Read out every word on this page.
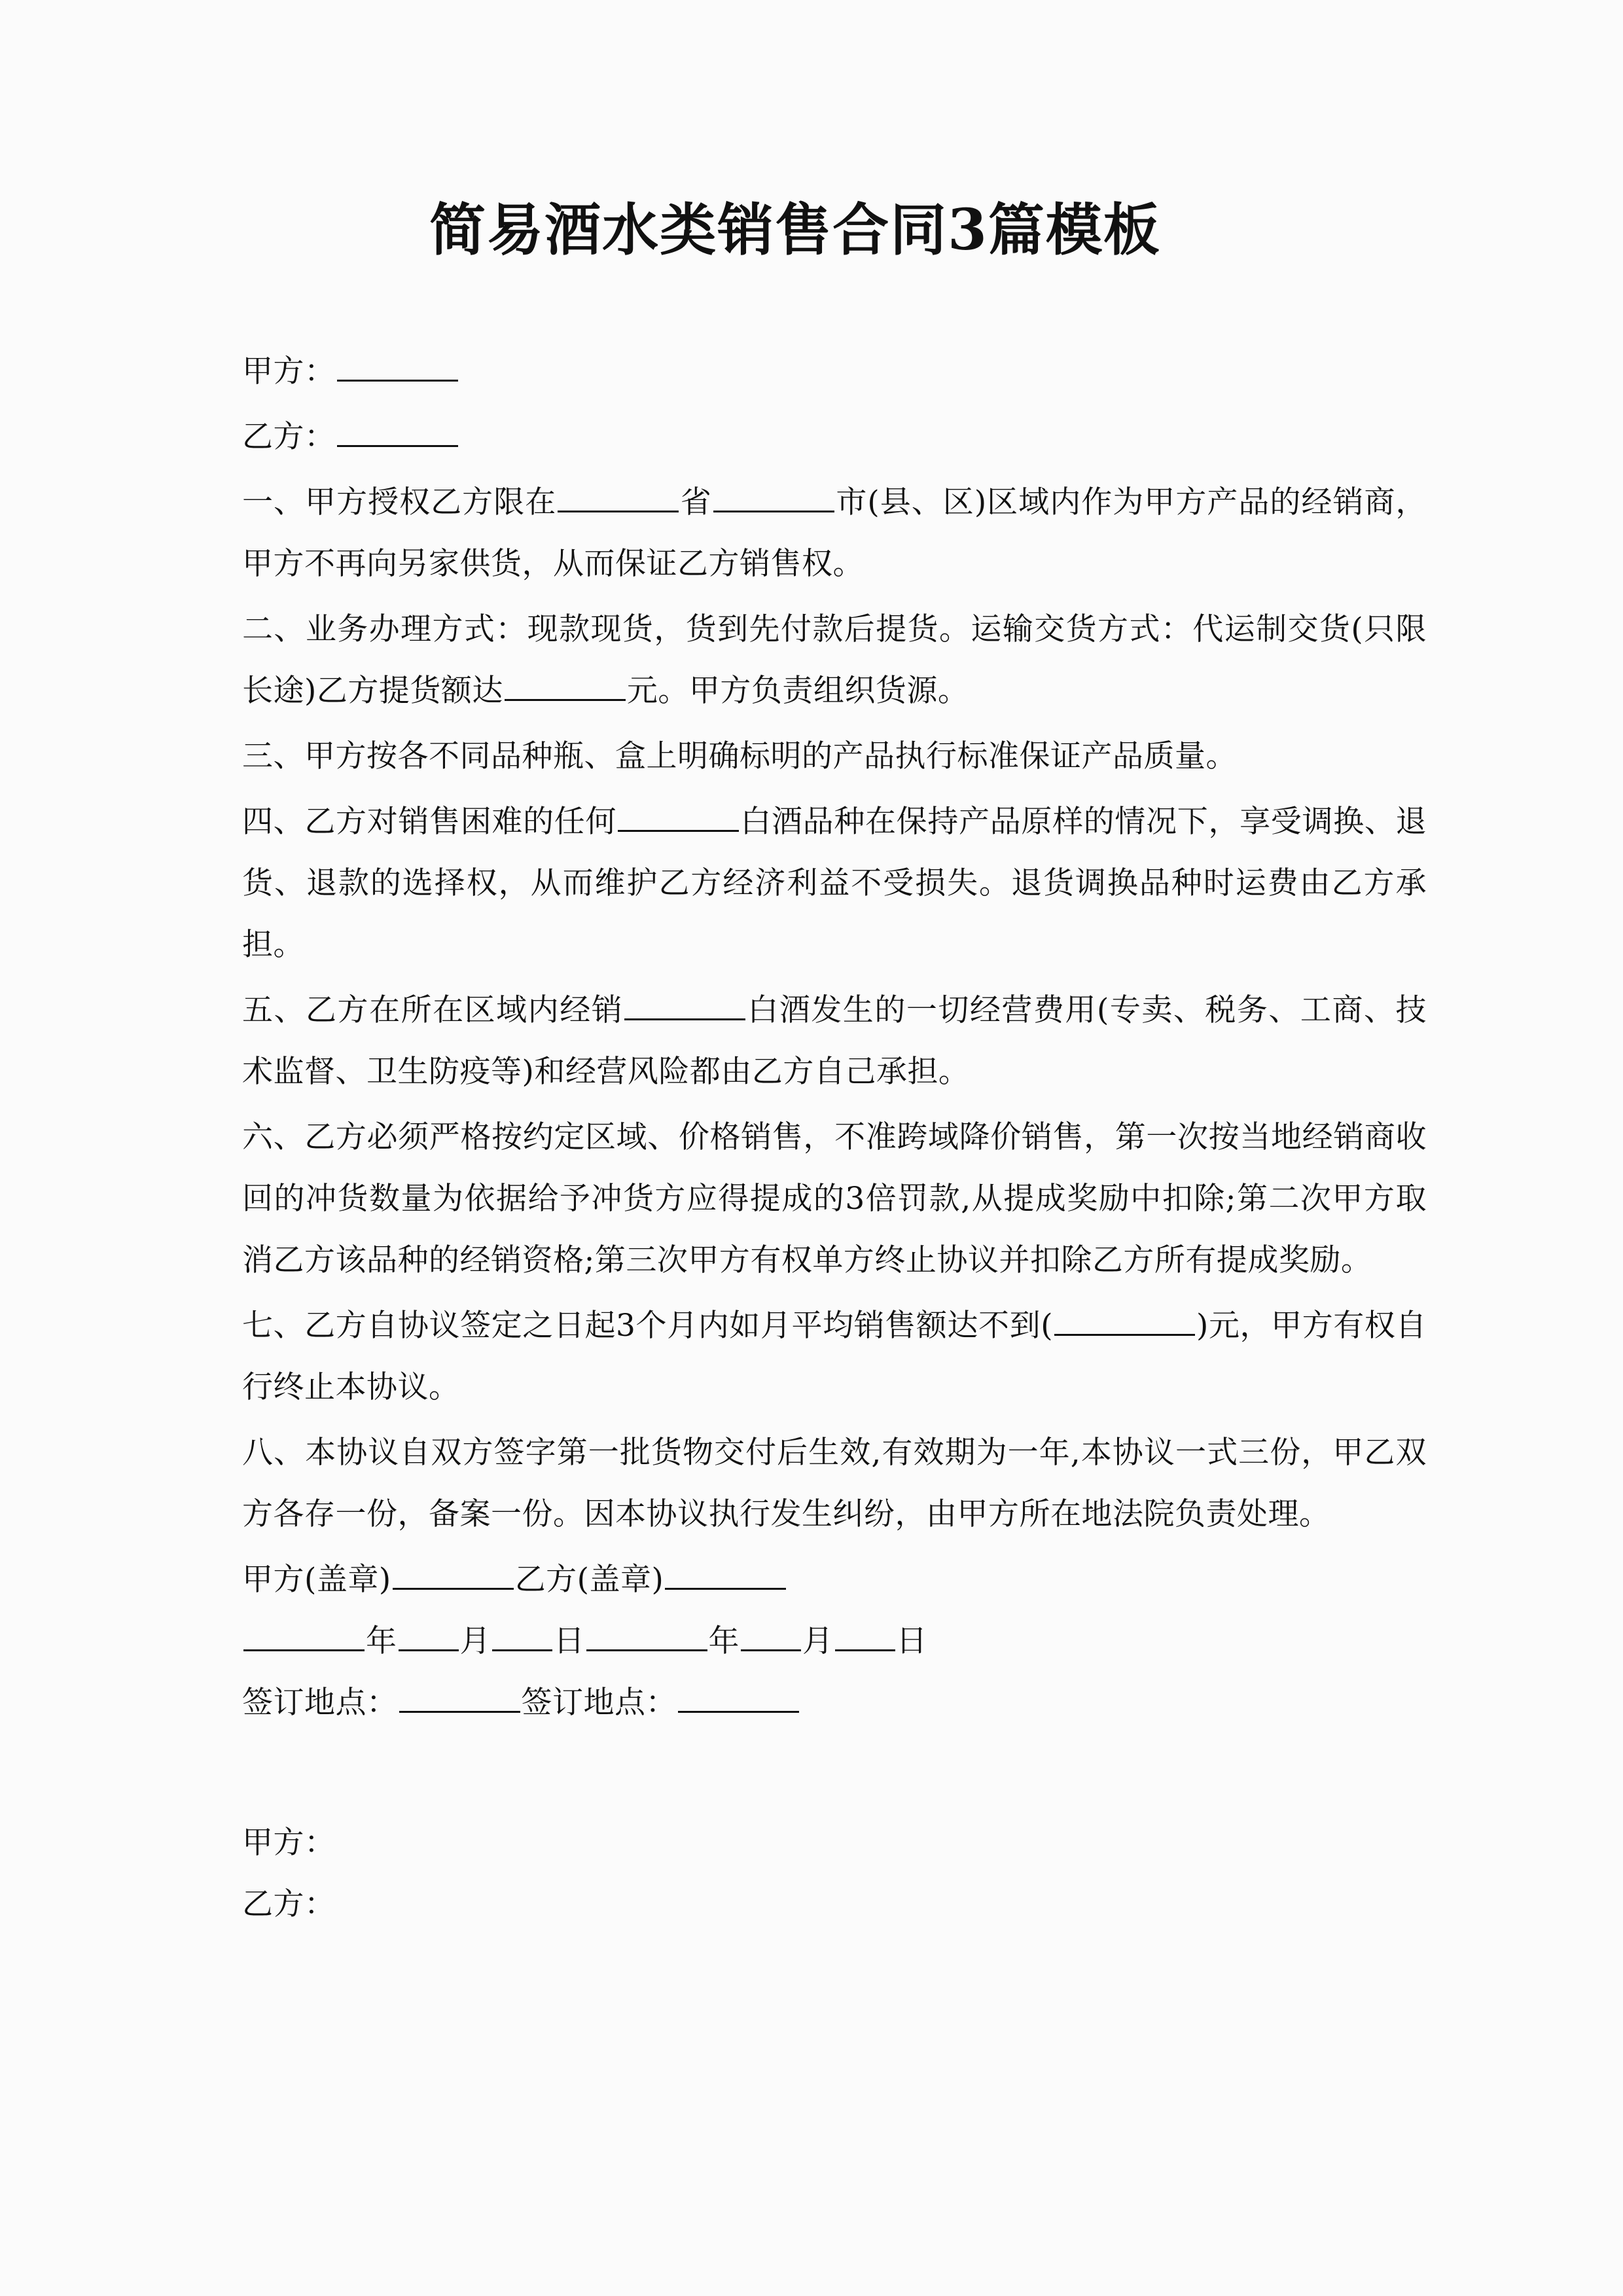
简易酒水类销售合同3篇模板

甲方：

乙方：

一、甲方授权乙方限在	省	市(县、区)区域内作为甲方产品的经销商，甲方不再向另家供货，从而保证乙方销售权。

二、业务办理方式：现款现货，货到先付款后提货。运输交货方式：代运制交货(只限长途)乙方提货额达	元。甲方负责组织货源。

三、甲方按各不同品种瓶、盒上明确标明的产品执行标准保证产品质量。

四、乙方对销售困难的任何	白酒品种在保持产品原样的情况下，享受调换、退货、退款的选择权，从而维护乙方经济利益不受损失。退货调换品种时运费由乙方承担。

五、乙方在所在区域内经销	白酒发生的一切经营费用(专卖、税务、工商、技术监督、卫生防疫等)和经营风险都由乙方自己承担。

六、乙方必须严格按约定区域、价格销售，不准跨域降价销售，第一次按当地经销商收回的冲货数量为依据给予冲货方应得提成的3倍罚款,从提成奖励中扣除;第二次甲方取消乙方该品种的经销资格;第三次甲方有权单方终止协议并扣除乙方所有提成奖励。

七、乙方自协议签定之日起3个月内如月平均销售额达不到(	)元，甲方有权自行终止本协议。

八、本协议自双方签字第一批货物交付后生效,有效期为一年,本协议一式三份，甲乙双方各存一份，备案一份。因本协议执行发生纠纷，由甲方所在地法院负责处理。

甲方(盖章)	乙方(盖章)

年 月 日	年 月 日

签订地点：	签订地点：

甲方：

乙方：
